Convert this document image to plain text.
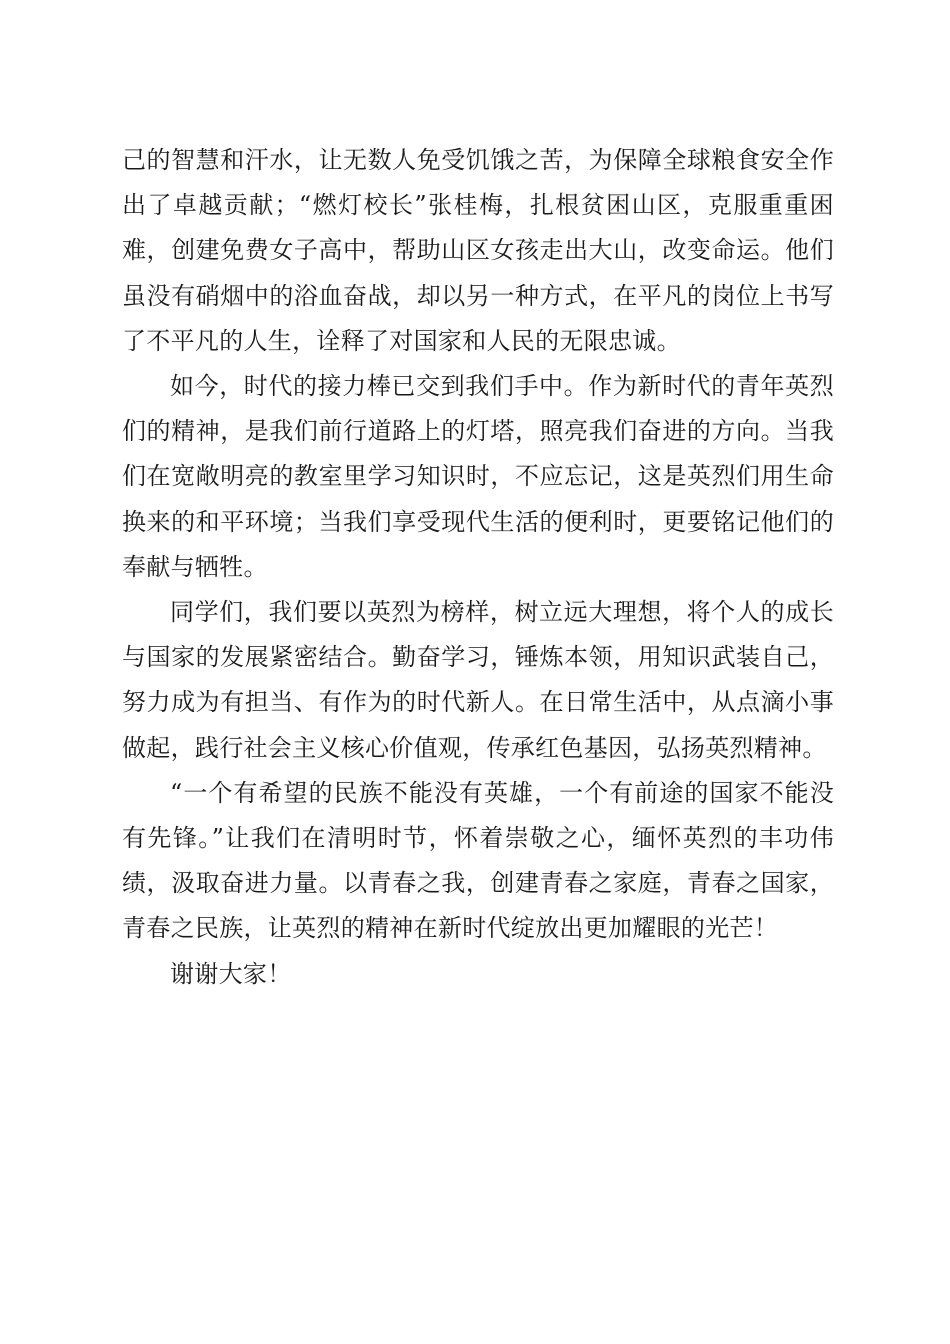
己的智慧和汗水，让无数人免受饥饿之苦，为保障全球粮食安全作出了卓越贡献；“燃灯校长”张桂梅，扎根贫困山区，克服重重困难，创建免费女子高中，帮助山区女孩走出大山，改变命运。他们虽没有硝烟中的浴血奋战，却以另一种方式，在平凡的岗位上书写了不平凡的人生，诠释了对国家和人民的无限忠诚。

如今，时代的接力棒已交到我们手中。作为新时代的青年英烈们的精神，是我们前行道路上的灯塔，照亮我们奋进的方向。当我们在宽敞明亮的教室里学习知识时，不应忘记，这是英烈们用生命换来的和平环境；当我们享受现代生活的便利时，更要铭记他们的奉献与牺牲。

同学们，我们要以英烈为榜样，树立远大理想，将个人的成长与国家的发展紧密结合。勤奋学习，锤炼本领，用知识武装自己，努力成为有担当、有作为的时代新人。在日常生活中，从点滴小事做起，践行社会主义核心价值观，传承红色基因，弘扬英烈精神。

“一个有希望的民族不能没有英雄，一个有前途的国家不能没有先锋。”让我们在清明时节，怀着崇敬之心，缅怀英烈的丰功伟绩，汲取奋进力量。以青春之我，创建青春之家庭，青春之国家，青春之民族，让英烈的精神在新时代绽放出更加耀眼的光芒！

谢谢大家！
